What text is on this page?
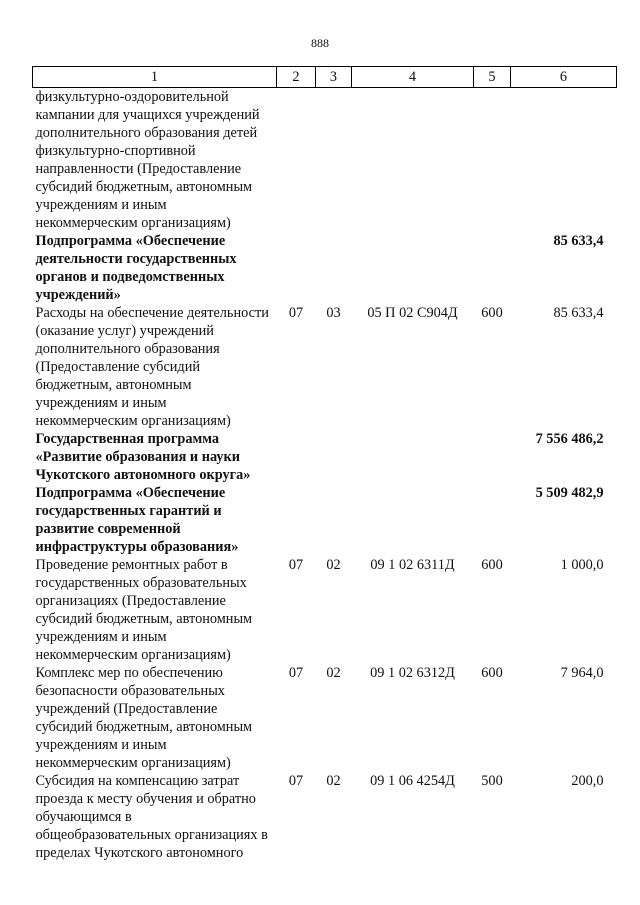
888
1	2	3	4	5	6
физкультурно-оздоровительной кампании для учащихся учреждений дополнительного образования детей физкультурно-спортивной направленности (Предоставление субсидий бюджетным, автономным учреждениям и иным некоммерческим организациям)					
Подпрограмма «Обеспечение деятельности государственных органов и подведомственных учреждений»					85 633,4
Расходы на обеспечение деятельности (оказание услуг) учреждений дополнительного образования (Предоставление субсидий бюджетным, автономным учреждениям и иным некоммерческим организациям)	07	03	05 П 02 С904Д	600	85 633,4
Государственная программа «Развитие образования и науки Чукотского автономного округа»					7 556 486,2
Подпрограмма «Обеспечение государственных гарантий и развитие современной инфраструктуры образования»					5 509 482,9
Проведение ремонтных работ в государственных образовательных организациях (Предоставление субсидий бюджетным, автономным учреждениям и иным некоммерческим организациям)	07	02	09 1 02 6311Д	600	1 000,0
Комплекс мер по обеспечению безопасности образовательных учреждений (Предоставление субсидий бюджетным, автономным учреждениям и иным некоммерческим организациям)	07	02	09 1 02 6312Д	600	7 964,0
Субсидия на компенсацию затрат проезда к месту обучения и обратно обучающимся в общеобразовательных организациях в пределах Чукотского автономного	07	02	09 1 06 4254Д	500	200,0
